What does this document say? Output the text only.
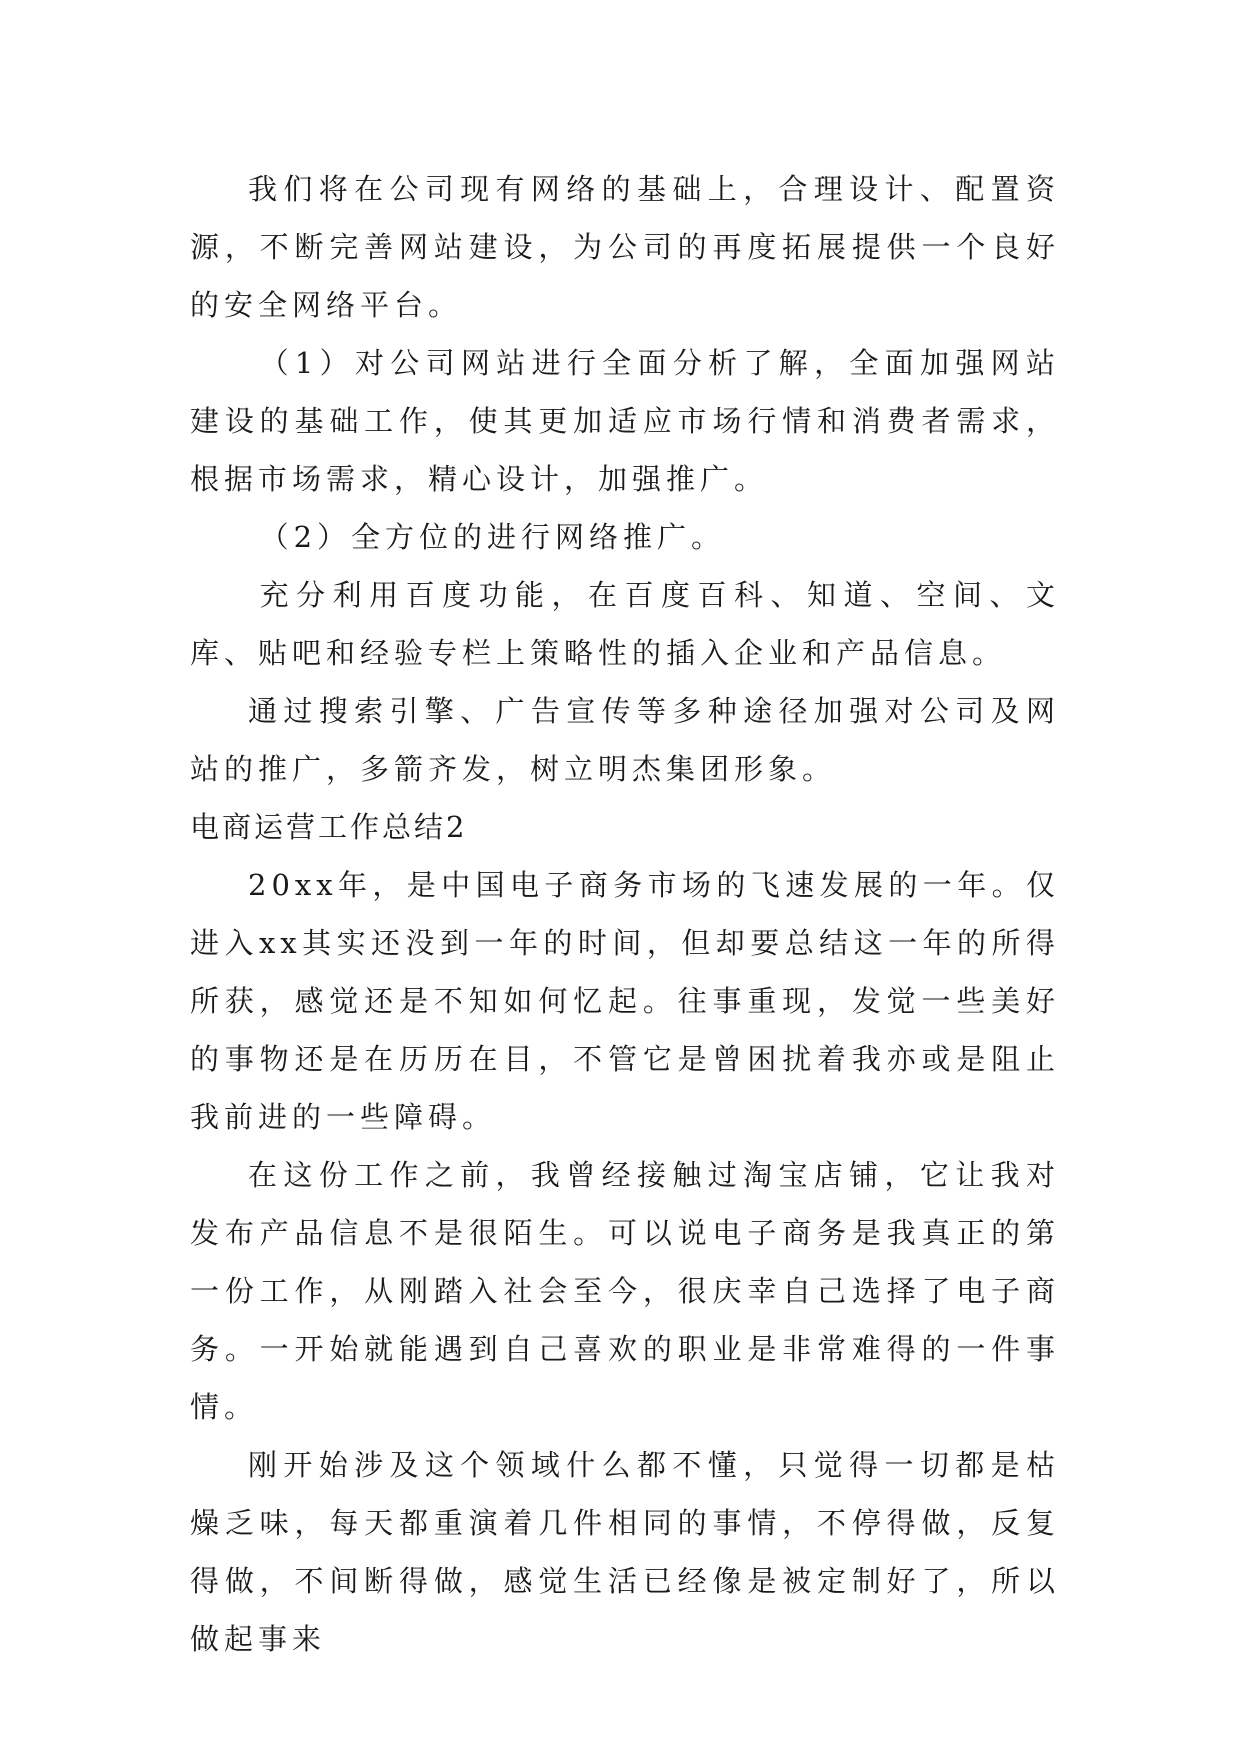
我们将在公司现有网络的基础上，合理设计、配置资源，不断完善网站建设，为公司的再度拓展提供一个良好的安全网络平台。

（1）对公司网站进行全面分析了解，全面加强网站建设的基础工作，使其更加适应市场行情和消费者需求，根据市场需求，精心设计，加强推广。

（2）全方位的进行网络推广。

充分利用百度功能，在百度百科、知道、空间、文库、贴吧和经验专栏上策略性的插入企业和产品信息。

通过搜索引擎、广告宣传等多种途径加强对公司及网站的推广，多箭齐发，树立明杰集团形象。

电商运营工作总结2

20xx年，是中国电子商务市场的飞速发展的一年。仅进入xx其实还没到一年的时间，但却要总结这一年的所得所获，感觉还是不知如何忆起。往事重现，发觉一些美好的事物还是在历历在目，不管它是曾困扰着我亦或是阻止我前进的一些障碍。

在这份工作之前，我曾经接触过淘宝店铺，它让我对发布产品信息不是很陌生。可以说电子商务是我真正的第一份工作，从刚踏入社会至今，很庆幸自己选择了电子商务。一开始就能遇到自己喜欢的职业是非常难得的一件事情。

刚开始涉及这个领域什么都不懂，只觉得一切都是枯燥乏味，每天都重演着几件相同的事情，不停得做，反复得做，不间断得做，感觉生活已经像是被定制好了，所以做起事来
